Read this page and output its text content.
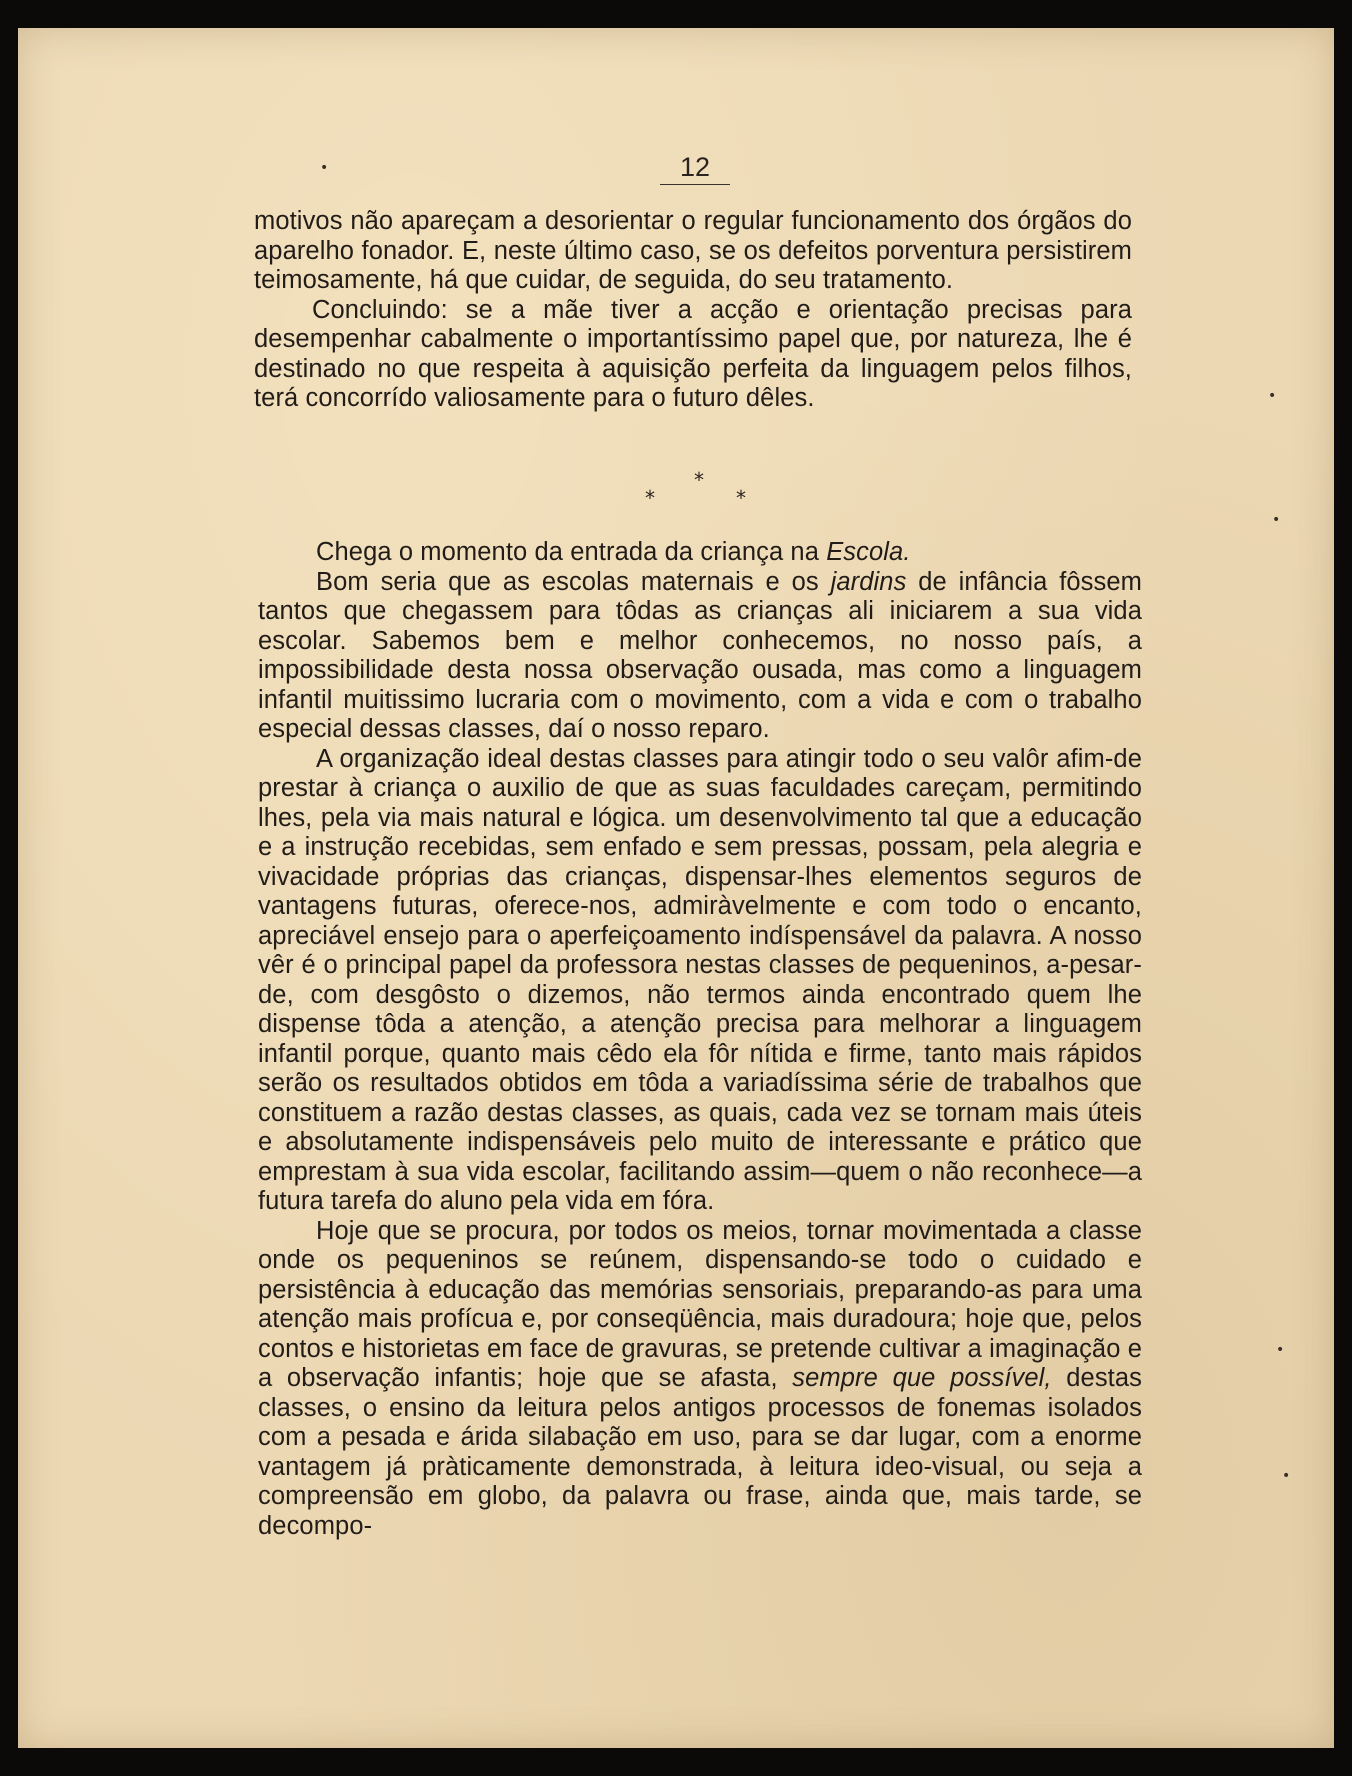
12

motivos não apareçam a desorientar o regular funcionamento dos órgãos do aparelho fonador. E, neste último caso, se os defeitos porventura persistirem teimosamente, há que cuidar, de seguida, do seu tratamento.

Concluindo: se a mãe tiver a acção e orientação precisas para desempenhar cabalmente o importantíssimo papel que, por natureza, lhe é destinado no que respeita à aquisição perfeita da linguagem pelos filhos, terá concorrído valiosamente para o futuro dêles.

*
*	*

Chega o momento da entrada da criança na Escola.

Bom seria que as escolas maternais e os jardins de infância fôssem tantos que chegassem para tôdas as crianças ali iniciarem a sua vida escolar. Sabemos bem e melhor conhecemos, no nosso país, a impossibilidade desta nossa observação ousada, mas como a linguagem infantil muitissimo lucraria com o movimento, com a vida e com o trabalho especial dessas classes, daí o nosso reparo.

A organização ideal destas classes para atingir todo o seu valôr afim-de prestar à criança o auxilio de que as suas faculdades careçam, permitindo lhes, pela via mais natural e lógica. um desenvolvimento tal que a educação e a instrução recebidas, sem enfado e sem pressas, possam, pela alegria e vivacidade próprias das crianças, dispensar-lhes elementos seguros de vantagens futuras, oferece-nos, admiràvelmente e com todo o encanto, apreciável ensejo para o aperfeiçoamento indíspensável da palavra. A nosso vêr é o principal papel da professora nestas classes de pequeninos, a-pesar-de, com desgôsto o dizemos, não termos ainda encontrado quem lhe dispense tôda a atenção, a atenção precisa para melhorar a linguagem infantil porque, quanto mais cêdo ela fôr nítida e firme, tanto mais rápidos serão os resultados obtidos em tôda a variadíssima série de trabalhos que constituem a razão destas classes, as quais, cada vez se tornam mais úteis e absolutamente indispensáveis pelo muito de interessante e prático que emprestam à sua vida escolar, facilitando assim—quem o não reconhece—a futura tarefa do aluno pela vida em fóra.

Hoje que se procura, por todos os meios, tornar movimentada a classe onde os pequeninos se reúnem, dispensando-se todo o cuidado e persistência à educação das memórias sensoriais, preparando-as para uma atenção mais profícua e, por conseqüência, mais duradoura; hoje que, pelos contos e historietas em face de gravuras, se pretende cultivar a imaginação e a observação infantis; hoje que se afasta, sempre que possível, destas classes, o ensino da leitura pelos antigos processos de fonemas isolados com a pesada e árida silabação em uso, para se dar lugar, com a enorme vantagem já pràticamente demonstrada, à leitura ideo-visual, ou seja a compreensão em globo, da palavra ou frase, ainda que, mais tarde, se decompo-

•
•
•
•
•
